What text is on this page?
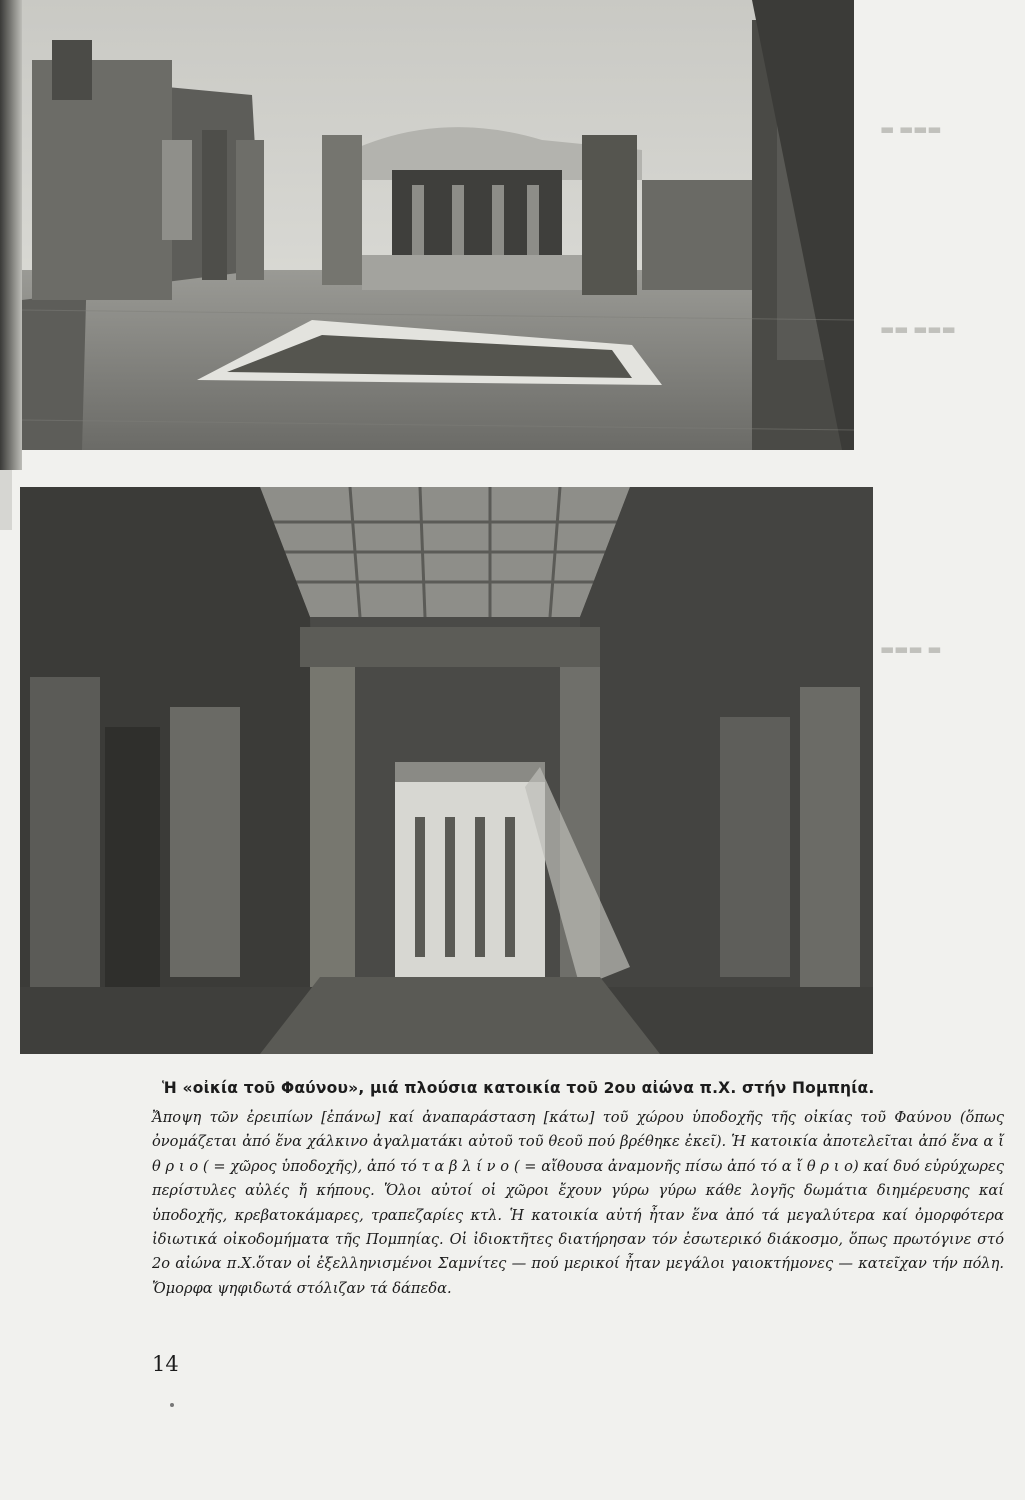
▬ ▬▬▬
▬▬ ▬▬▬
▬▬▬ ▬
Ἡ «οἰκία τοῦ Φαύνου», μιά πλούσια κατοικία τοῦ 2ου αἰώνα π.Χ. στήν Πομπηία.

Ἄποψη τῶν ἐρειπίων [ἐπάνω] καί ἀναπαράσταση [κάτω] τοῦ χώρου ὑποδοχῆς τῆς οἰκίας τοῦ Φαύνου (ὅπως ὀνομάζεται ἀπό ἕνα χάλκινο ἀγαλματάκι αὐτοῦ τοῦ θεοῦ πού βρέθηκε ἐκεῖ). Ἡ κατοικία ἀποτελεῖται ἀπό ἕνα α ἴ θ ρ ι ο ( = χῶρος ὑποδοχῆς), ἀπό τό τ α β λ ί ν ο ( = αἴθουσα ἀναμονῆς πίσω ἀπό τό α ἴ θ ρ ι ο) καί δυό εὐρύχωρες περίστυλες αὐλές ἤ κήπους. Ὅλοι αὐτοί οἱ χῶροι ἔχουν γύρω γύρω κάθε λογῆς δωμάτια διημέρευσης καί ὑποδοχῆς, κρεβατοκάμαρες, τραπεζαρίες κτλ. Ἡ κατοικία αὐτή ἦταν ἕνα ἀπό τά μεγαλύτερα καί ὀμορφότερα ἰδιωτικά οἰκοδομήματα τῆς Πομπηίας. Οἱ ἰδιοκτῆτες διατήρησαν τόν ἐσωτερικό διάκοσμο, ὅπως πρωτόγινε στό 2ο αἰώνα π.Χ.ὅταν οἱ ἐξελληνισμένοι Σαμνίτες — πού μερικοί ἦταν μεγάλοι γαιοκτήμονες — κατεῖχαν τήν πόλη. Ὄμορφα ψηφιδωτά στόλιζαν τά δάπεδα.

14
